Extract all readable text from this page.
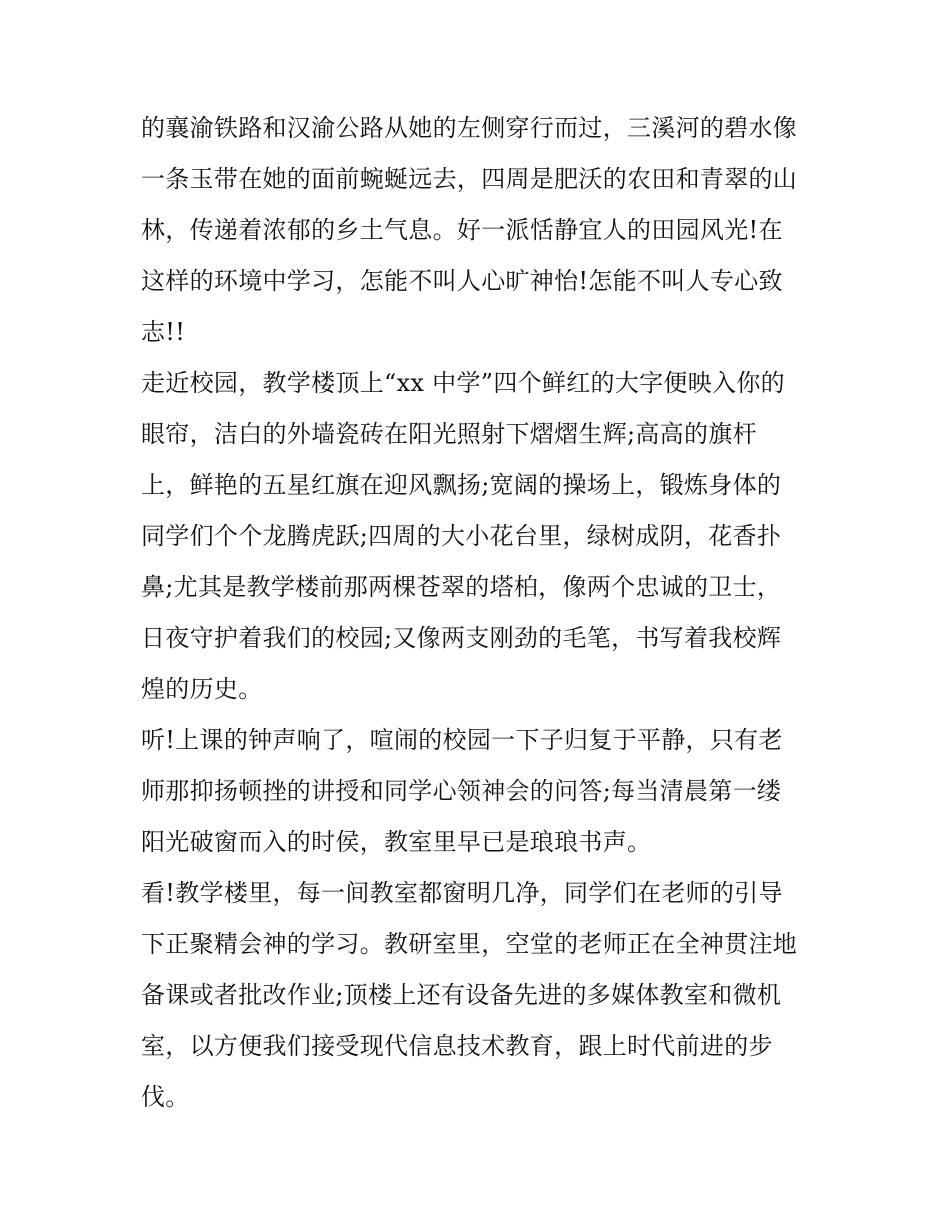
的襄渝铁路和汉渝公路从她的左侧穿行而过，三溪河的碧水像
一条玉带在她的面前蜿蜒远去，四周是肥沃的农田和青翠的山
林，传递着浓郁的乡土气息。好一派恬静宜人的田园风光!在
这样的环境中学习，怎能不叫人心旷神怡!怎能不叫人专心致
志!!
走近校园，教学楼顶上“xx 中学”四个鲜红的大字便映入你的
眼帘，洁白的外墙瓷砖在阳光照射下熠熠生辉;高高的旗杆
上，鲜艳的五星红旗在迎风飘扬;宽阔的操场上，锻炼身体的
同学们个个龙腾虎跃;四周的大小花台里，绿树成阴，花香扑
鼻;尤其是教学楼前那两棵苍翠的塔柏，像两个忠诚的卫士，
日夜守护着我们的校园;又像两支刚劲的毛笔，书写着我校辉
煌的历史。
听!上课的钟声响了，喧闹的校园一下子归复于平静，只有老
师那抑扬顿挫的讲授和同学心领神会的问答;每当清晨第一缕
阳光破窗而入的时侯，教室里早已是琅琅书声。
看!教学楼里，每一间教室都窗明几净，同学们在老师的引导
下正聚精会神的学习。教研室里，空堂的老师正在全神贯注地
备课或者批改作业;顶楼上还有设备先进的多媒体教室和微机
室，以方便我们接受现代信息技术教育，跟上时代前进的步
伐。
